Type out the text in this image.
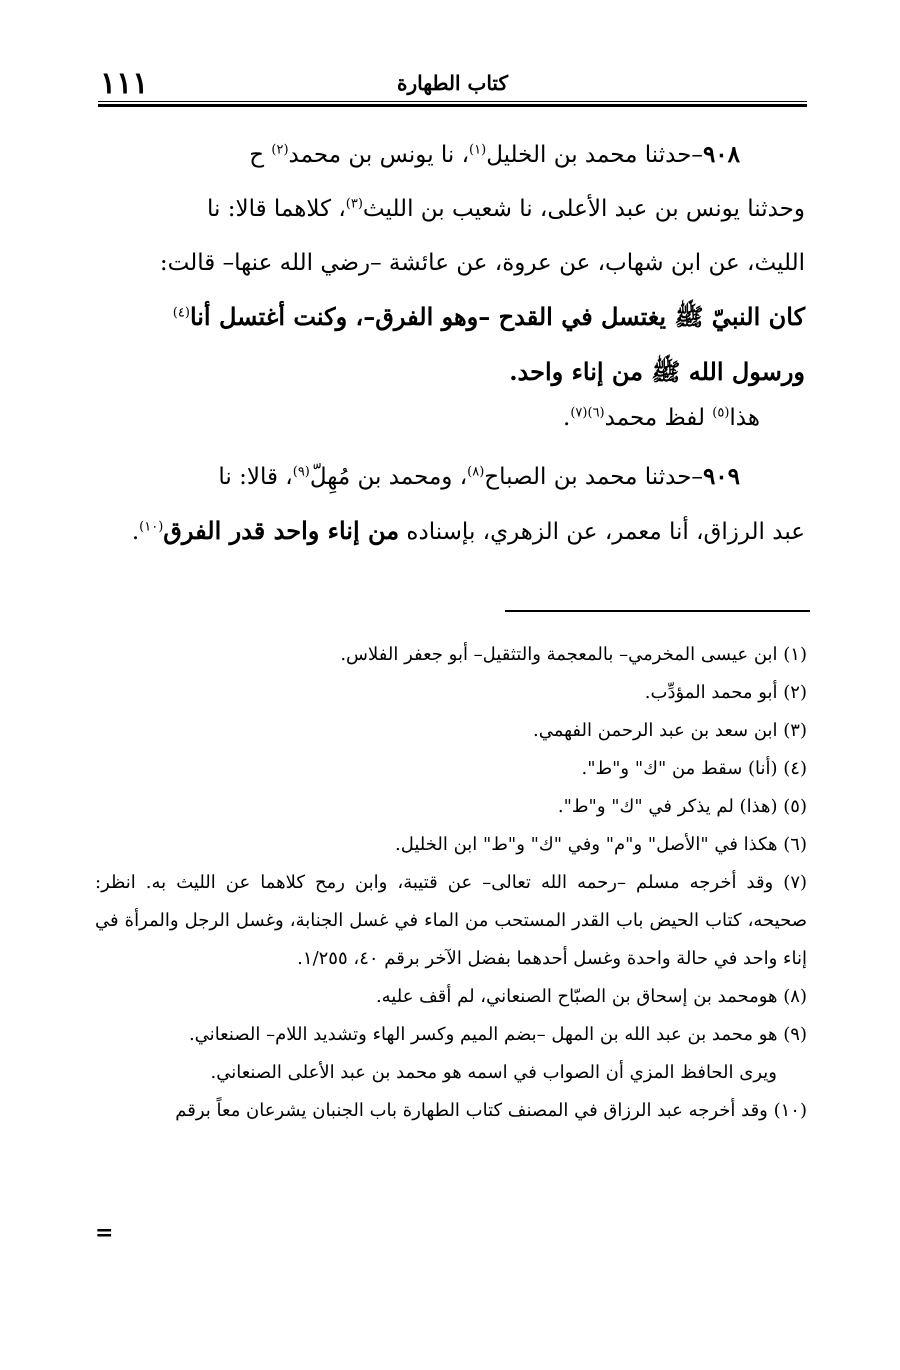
كتاب الطهارة
١١١

٩٠٨–حدثنا محمد بن الخليل$^{(١)}$، نا يونس بن محمد$^{(٢)}$ ح

وحدثنا يونس بن عبد الأعلى، نا شعيب بن الليث$^{(٣)}$، كلاهما قالا: نا

الليث، عن ابن شهاب، عن عروة، عن عائشة –رضي الله عنها– قالت:

كان النبيّ ﷺ يغتسل في القدح –وهو الفرق–، وكنت أغتسل أنا$^{(٤)}$

ورسول الله ﷺ من إناء واحد.

هذا$^{(٥)}$ لفظ محمد$^{(٦)(٧)}$.

٩٠٩–حدثنا محمد بن الصباح$^{(٨)}$، ومحمد بن مُهِلّ$^{(٩)}$، قالا: نا

عبد الرزاق، أنا معمر، عن الزهري، بإسناده من إناء واحد قدر الفرق$^{(١٠)}$.

(١) ابن عيسى المخرمي– بالمعجمة والتثقيل– أبو جعفر الفلاس.

(٢) أبو محمد المؤدِّب.

(٣) ابن سعد بن عبد الرحمن الفهمي.

(٤) (أنا) سقط من "ك" و"ط".

(٥) (هذا) لم يذكر في "ك" و"ط".

(٦) هكذا في "الأصل" و"م" وفي "ك" و"ط" ابن الخليل.

(٧) وقد أخرجه مسلم –رحمه الله تعالى– عن قتيبة، وابن رمح كلاهما عن الليث به. انظر: صحيحه، كتاب الحيض باب القدر المستحب من الماء في غسل الجنابة، وغسل الرجل والمرأة في إناء واحد في حالة واحدة وغسل أحدهما بفضل الآخر برقم ٤٠، ١/٢٥٥.

(٨) هومحمد بن إسحاق بن الصبّاح الصنعاني، لم أقف عليه.

(٩) هو محمد بن عبد الله بن المهل –بضم الميم وكسر الهاء وتشديد اللام– الصنعاني.

ويرى الحافظ المزي أن الصواب في اسمه هو محمد بن عبد الأعلى الصنعاني.

(١٠) وقد أخرجه عبد الرزاق في المصنف كتاب الطهارة باب الجنبان يشرعان معاً برقم

=
